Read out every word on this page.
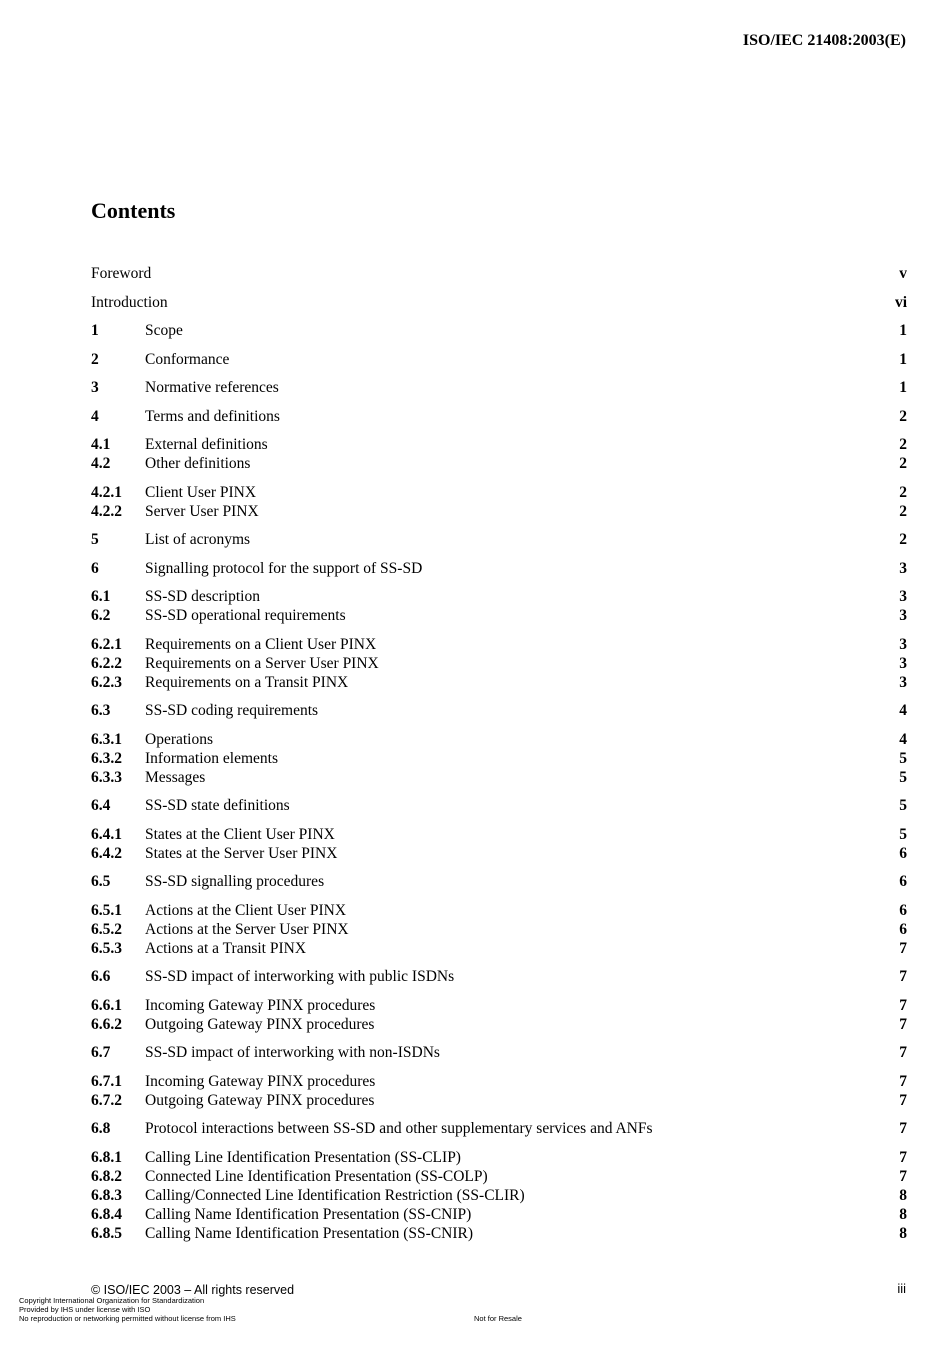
ISO/IEC 21408:2003(E)
Contents
Foreword	v
Introduction	vi
1	Scope	1
2	Conformance	1
3	Normative references	1
4	Terms and definitions	2
4.1 External definitions	2
4.2 Other definitions	2
4.2.1 Client User PINX	2
4.2.2 Server User PINX	2
5	List of acronyms	2
6	Signalling protocol for the support of SS-SD	3
6.1 SS-SD description	3
6.2 SS-SD operational requirements	3
6.2.1 Requirements on a Client User PINX	3
6.2.2 Requirements on a Server User PINX	3
6.2.3 Requirements on a Transit PINX	3
6.3 SS-SD coding requirements	4
6.3.1 Operations	4
6.3.2 Information elements	5
6.3.3 Messages	5
6.4 SS-SD state definitions	5
6.4.1 States at the Client User PINX	5
6.4.2 States at the Server User PINX	6
6.5 SS-SD signalling procedures	6
6.5.1 Actions at the Client User PINX	6
6.5.2 Actions at the Server User PINX	6
6.5.3 Actions at a Transit PINX	7
6.6 SS-SD impact of interworking with public ISDNs	7
6.6.1 Incoming Gateway PINX procedures	7
6.6.2 Outgoing Gateway PINX procedures	7
6.7 SS-SD impact of interworking with non-ISDNs	7
6.7.1 Incoming Gateway PINX procedures	7
6.7.2 Outgoing Gateway PINX procedures	7
6.8 Protocol interactions between SS-SD and other supplementary services and ANFs	7
6.8.1 Calling Line Identification Presentation (SS-CLIP)	7
6.8.2 Connected Line Identification Presentation (SS-COLP)	7
6.8.3 Calling/Connected Line Identification Restriction (SS-CLIR)	8
6.8.4 Calling Name Identification Presentation (SS-CNIP)	8
6.8.5 Calling Name Identification Presentation (SS-CNIR)	8
© ISO/IEC 2003 – All rights reserved	iii
Copyright International Organization for Standardization
Provided by IHS under license with ISO
No reproduction or networking permitted without license from IHS	Not for Resale
